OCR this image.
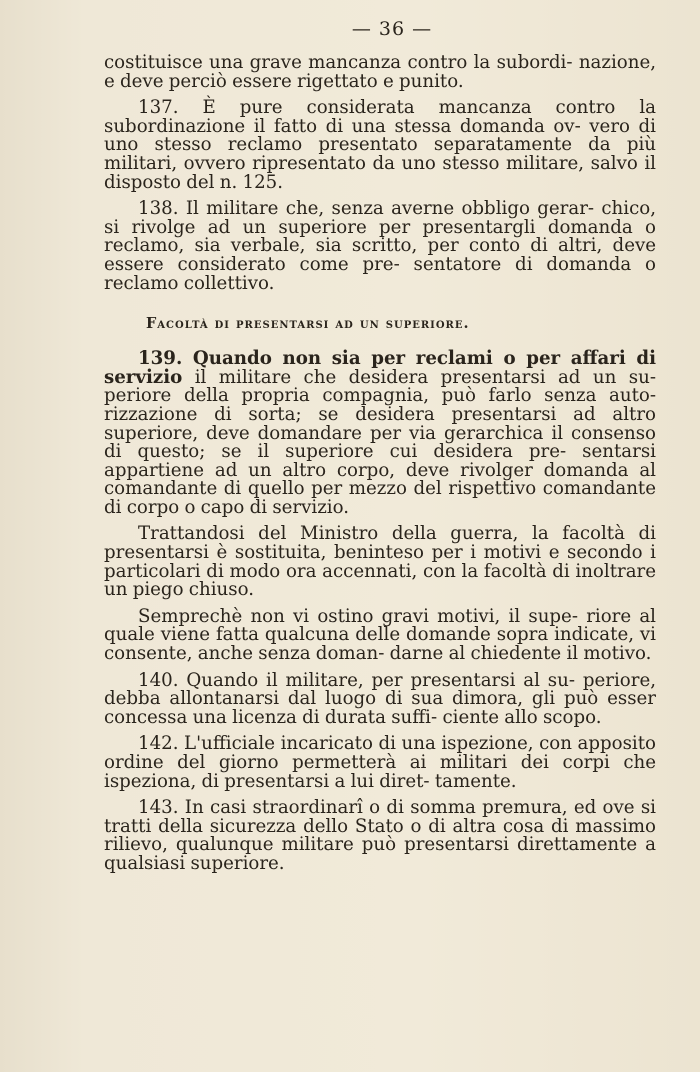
— 36 —
costituisce una grave mancanza contro la subordi- nazione, e deve perciò essere rigettato e punito.
137. È pure considerata mancanza contro la subordinazione il fatto di una stessa domanda ov- vero di uno stesso reclamo presentato separatamente da più militari, ovvero ripresentato da uno stesso militare, salvo il disposto del n. 125.
138. Il militare che, senza averne obbligo gerar- chico, si rivolge ad un superiore per presentargli domanda o reclamo, sia verbale, sia scritto, per conto di altri, deve essere considerato come pre- sentatore di domanda o reclamo collettivo.
Facoltà di presentarsi ad un superiore.
139. Quando non sia per reclami o per affari di servizio il militare che desidera presentarsi ad un su- periore della propria compagnia, può farlo senza auto- rizzazione di sorta; se desidera presentarsi ad altro superiore, deve domandare per via gerarchica il consenso di questo; se il superiore cui desidera pre- sentarsi appartiene ad un altro corpo, deve rivolger domanda al comandante di quello per mezzo del rispettivo comandante di corpo o capo di servizio.
Trattandosi del Ministro della guerra, la facoltà di presentarsi è sostituita, beninteso per i motivi e secondo i particolari di modo ora accennati, con la facoltà di inoltrare un piego chiuso.
Semprechè non vi ostino gravi motivi, il supe- riore al quale viene fatta qualcuna delle domande sopra indicate, vi consente, anche senza doman- darne al chiedente il motivo.
140. Quando il militare, per presentarsi al su- periore, debba allontanarsi dal luogo di sua dimora, gli può esser concessa una licenza di durata suffi- ciente allo scopo.
142. L'ufficiale incaricato di una ispezione, con apposito ordine del giorno permetterà ai militari dei corpi che ispeziona, di presentarsi a lui diret- tamente.
143. In casi straordinarî o di somma premura, ed ove si tratti della sicurezza dello Stato o di altra cosa di massimo rilievo, qualunque militare può presentarsi direttamente a qualsiasi superiore.
